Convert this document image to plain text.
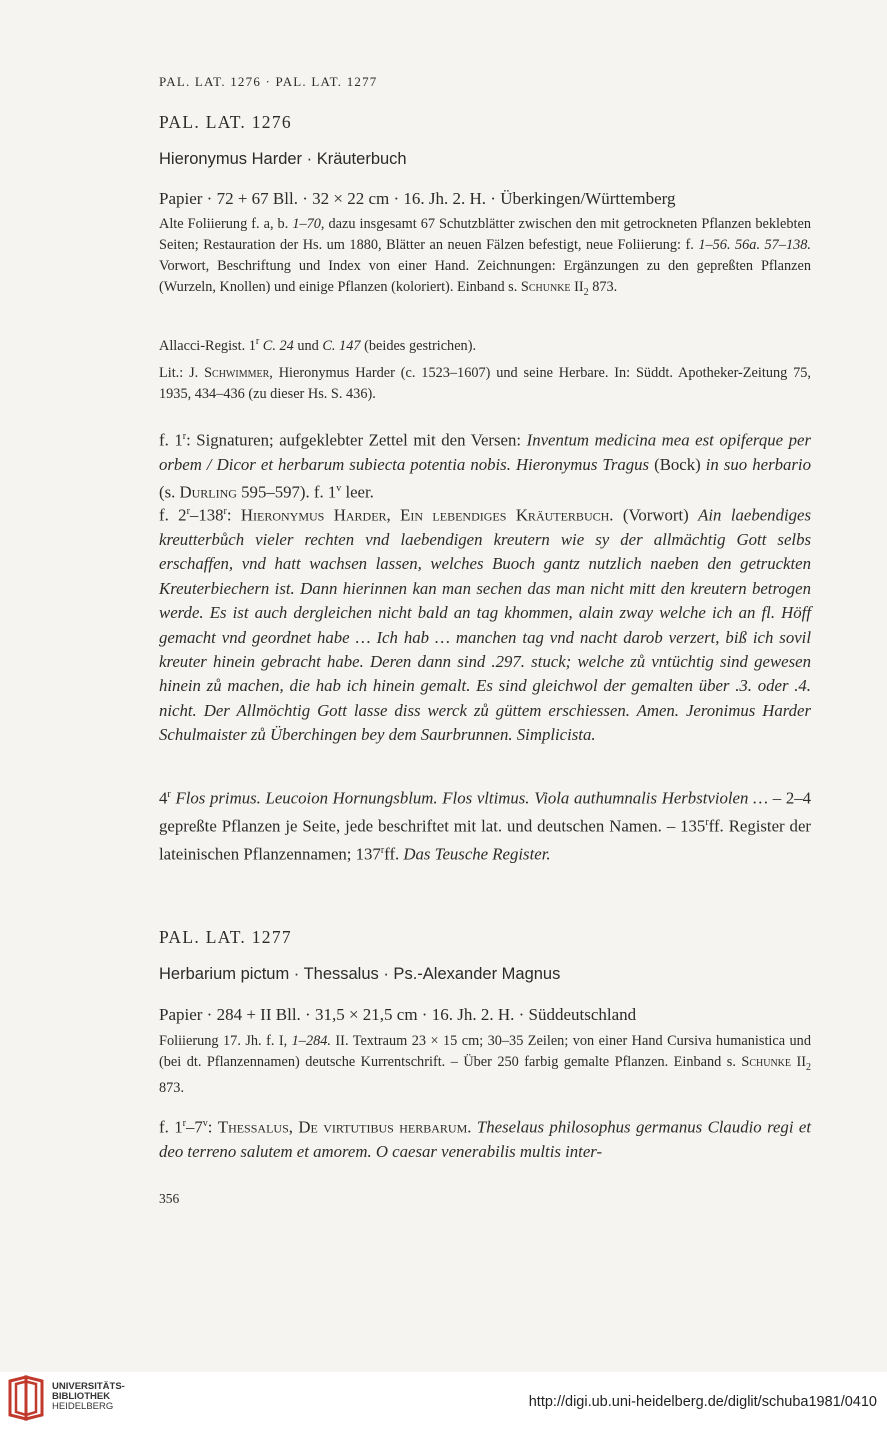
PAL. LAT. 1276 · PAL. LAT. 1277
PAL. LAT. 1276
Hieronymus Harder · Kräuterbuch
Papier · 72 + 67 Bll. · 32 × 22 cm · 16. Jh. 2. H. · Überkingen/Württemberg
Alte Foliierung f. a, b. 1–70, dazu insgesamt 67 Schutzblätter zwischen den mit getrockneten Pflanzen beklebten Seiten; Restauration der Hs. um 1880, Blätter an neuen Fälzen befestigt, neue Foliierung: f. 1–56. 56a. 57–138. Vorwort, Beschriftung und Index von einer Hand. Zeichnungen: Ergänzungen zu den gepreßten Pflanzen (Wurzeln, Knollen) und einige Pflanzen (koloriert). Einband s. Schunke $II_2$ 873.
Allacci-Regist. 1$^r$ C. 24 und C. 147 (beides gestrichen).
Lit.: J. Schwimmer, Hieronymus Harder (c. 1523–1607) und seine Herbare. In: Süddt. Apotheker-Zeitung 75, 1935, 434–436 (zu dieser Hs. S. 436).
f. 1$^r$: Signaturen; aufgeklebter Zettel mit den Versen: Inventum medicina mea est opiferque per orbem / Dicor et herbarum subiecta potentia nobis. Hieronymus Tragus (Bock) in suo herbario (s. Durling 595–597). f. 1$^v$ leer.
f. 2$^r$–138$^r$: Hieronymus Harder, Ein lebendiges Kräuterbuch. (Vorwort) Ain laebendiges kreutterbůch vieler rechten vnd laebendigen kreutern wie sy der allmächtig Gott selbs erschaffen, vnd hatt wachsen lassen, welches Buoch gantz nutzlich naeben den getruckten Kreuterbiechern ist. Dann hierinnen kan man sechen das man nicht mitt den kreutern betrogen werde. Es ist auch dergleichen nicht bald an tag khommen, alain zway welche ich an fl. Höff gemacht vnd geordnet habe … Ich hab … manchen tag vnd nacht darob verzert, biß ich sovil kreuter hinein gebracht habe. Deren dann sind .297. stuck; welche zů vntüchtig sind gewesen hinein zů machen, die hab ich hinein gemalt. Es sind gleichwol der gemalten über .3. oder .4. nicht. Der Allmöchtig Gott lasse diss werck zů güttem erschiessen. Amen. Jeronimus Harder Schulmaister zů Überchingen bey dem Saurbrunnen. Simplicista.
4$^r$ Flos primus. Leucoion Hornungsblum. Flos vltimus. Viola authumnalis Herbstviolen … – 2–4 gepreßte Pflanzen je Seite, jede beschriftet mit lat. und deutschen Namen. – 135$^r$ff. Register der lateinischen Pflanzennamen; 137$^r$ff. Das Teusche Register.
PAL. LAT. 1277
Herbarium pictum · Thessalus · Ps.-Alexander Magnus
Papier · 284 + II Bll. · 31,5 × 21,5 cm · 16. Jh. 2. H. · Süddeutschland
Foliierung 17. Jh. f. I, 1–284. II. Textraum 23 × 15 cm; 30–35 Zeilen; von einer Hand Cursiva humanistica und (bei dt. Pflanzennamen) deutsche Kurrentschrift. – Über 250 farbig gemalte Pflanzen. Einband s. Schunke $II_2$ 873.
f. 1$^r$–7$^v$: Thessalus, De virtutibus herbarum. Theselaus philosophus germanus Claudio regi et deo terreno salutem et amorem. O caesar venerabilis multis inter-
356
UNIVERSITÄTS-
BIBLIOTHEK
HEIDELBERG	http://digi.ub.uni-heidelberg.de/diglit/schuba1981/0410
